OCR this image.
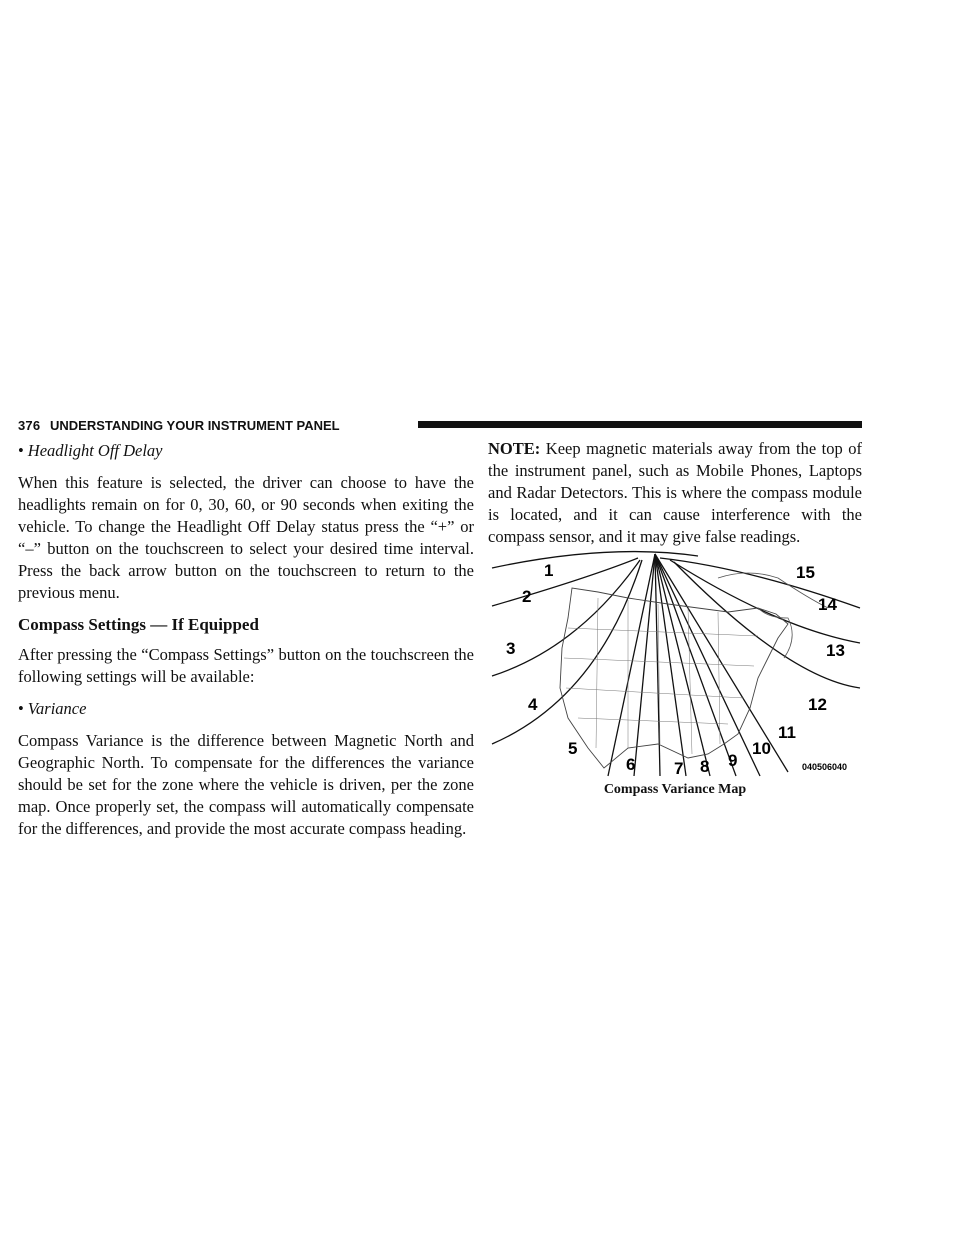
376 UNDERSTANDING YOUR INSTRUMENT PANEL
• Headlight Off Delay

When this feature is selected, the driver can choose to have the headlights remain on for 0, 30, 60, or 90 seconds when exiting the vehicle. To change the Headlight Off Delay status press the “+” or “–” button on the touchscreen to select your desired time interval. Press the back arrow button on the touchscreen to return to the previous menu.

Compass Settings — If Equipped

After pressing the “Compass Settings” button on the touchscreen the following settings will be available:

• Variance

Compass Variance is the difference between Magnetic North and Geographic North. To compensate for the differences the variance should be set for the zone where the vehicle is driven, per the zone map. Once properly set, the compass will automatically compensate for the differences, and provide the most accurate compass heading.

NOTE: Keep magnetic materials away from the top of the instrument panel, such as Mobile Phones, Laptops and Radar Detectors. This is where the compass module is located, and it can cause interference with the compass sensor, and it may give false readings.

1
2
3
4
5
6 7 8 9
10
11
12
13
14
15
040506040
Compass Variance Map
